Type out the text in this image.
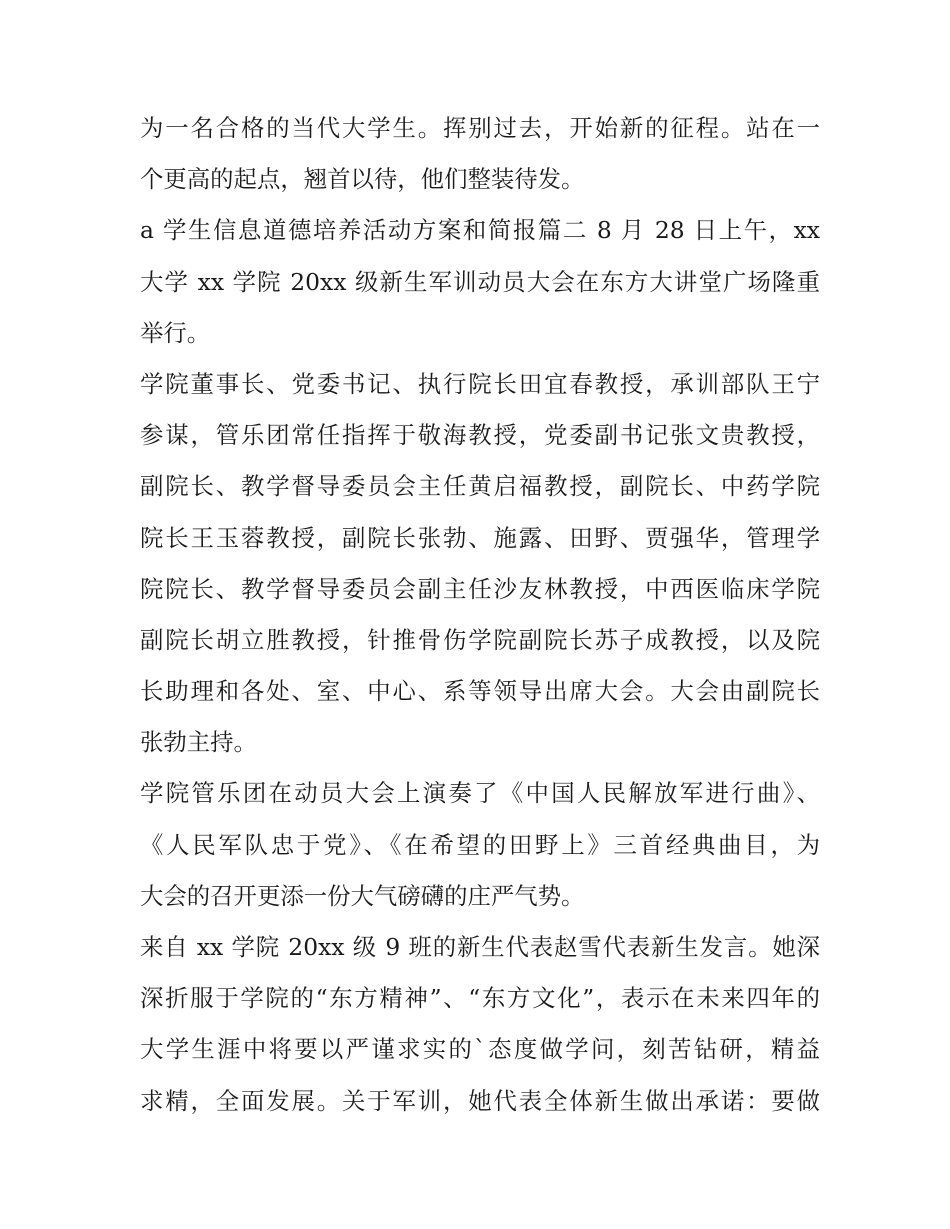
为一名合格的当代大学生。挥别过去，开始新的征程。站在一
个更高的起点，翘首以待，他们整装待发。
a 学生信息道德培养活动方案和简报篇二 8 月 28 日上午，xx
大学 xx 学院 20xx 级新生军训动员大会在东方大讲堂广场隆重
举行。
学院董事长、党委书记、执行院长田宜春教授，承训部队王宁
参谋，管乐团常任指挥于敬海教授，党委副书记张文贵教授，
副院长、教学督导委员会主任黄启福教授，副院长、中药学院
院长王玉蓉教授，副院长张勃、施露、田野、贾强华，管理学
院院长、教学督导委员会副主任沙友林教授，中西医临床学院
副院长胡立胜教授，针推骨伤学院副院长苏子成教授，以及院
长助理和各处、室、中心、系等领导出席大会。大会由副院长
张勃主持。
学院管乐团在动员大会上演奏了《中国人民解放军进行曲》、
《人民军队忠于党》、《在希望的田野上》三首经典曲目，为
大会的召开更添一份大气磅礴的庄严气势。
来自 xx 学院 20xx 级 9 班的新生代表赵雪代表新生发言。她深
深折服于学院的“东方精神”、“东方文化”，表示在未来四年的
大学生涯中将要以严谨求实的`态度做学问，刻苦钻研，精益
求精，全面发展。关于军训，她代表全体新生做出承诺：要做
